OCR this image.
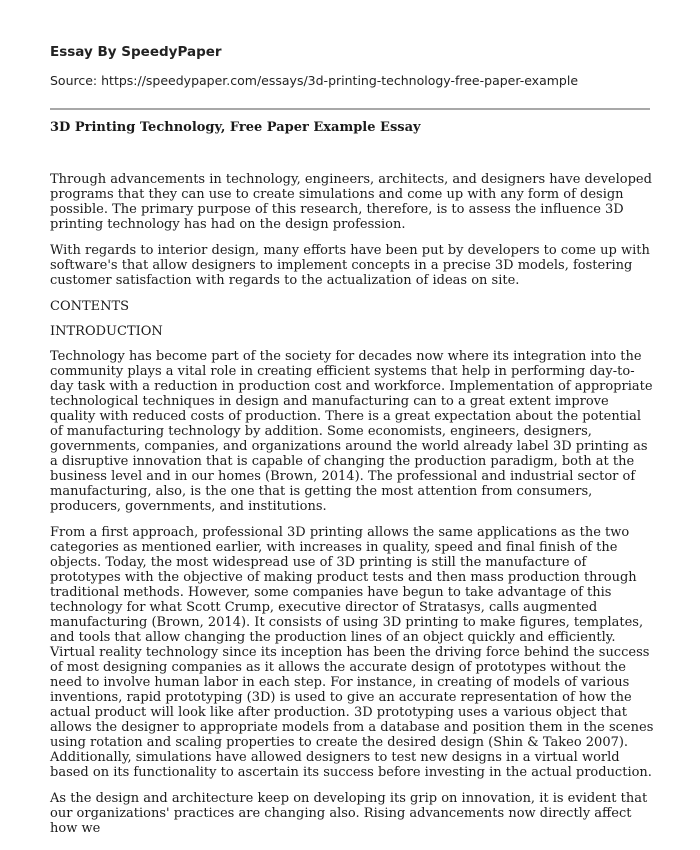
Essay By SpeedyPaper
Source: https://speedypaper.com/essays/3d-printing-technology-free-paper-example
3D Printing Technology, Free Paper Example Essay

Through advancements in technology, engineers, architects, and designers have developed programs that they can use to create simulations and come up with any form of design possible. The primary purpose of this research, therefore, is to assess the influence 3D printing technology has had on the design profession.

With regards to interior design, many efforts have been put by developers to come up with software's that allow designers to implement concepts in a precise 3D models, fostering customer satisfaction with regards to the actualization of ideas on site.

CONTENTS

INTRODUCTION

Technology has become part of the society for decades now where its integration into the community plays a vital role in creating efficient systems that help in performing day-to-day task with a reduction in production cost and workforce. Implementation of appropriate technological techniques in design and manufacturing can to a great extent improve quality with reduced costs of production. There is a great expectation about the potential of manufacturing technology by addition. Some economists, engineers, designers, governments, companies, and organizations around the world already label 3D printing as a disruptive innovation that is capable of changing the production paradigm, both at the business level and in our homes (Brown, 2014). The professional and industrial sector of manufacturing, also, is the one that is getting the most attention from consumers, producers, governments, and institutions.

From a first approach, professional 3D printing allows the same applications as the two categories as mentioned earlier, with increases in quality, speed and final finish of the objects. Today, the most widespread use of 3D printing is still the manufacture of prototypes with the objective of making product tests and then mass production through traditional methods. However, some companies have begun to take advantage of this technology for what Scott Crump, executive director of Stratasys, calls augmented manufacturing (Brown, 2014). It consists of using 3D printing to make figures, templates, and tools that allow changing the production lines of an object quickly and efficiently. Virtual reality technology since its inception has been the driving force behind the success of most designing companies as it allows the accurate design of prototypes without the need to involve human labor in each step. For instance, in creating of models of various inventions, rapid prototyping (3D) is used to give an accurate representation of how the actual product will look like after production. 3D prototyping uses a various object that allows the designer to appropriate models from a database and position them in the scenes using rotation and scaling properties to create the desired design (Shin & Takeo 2007). Additionally, simulations have allowed designers to test new designs in a virtual world based on its functionality to ascertain its success before investing in the actual production.

As the design and architecture keep on developing its grip on innovation, it is evident that our organizations' practices are changing also. Rising advancements now directly affect how we
